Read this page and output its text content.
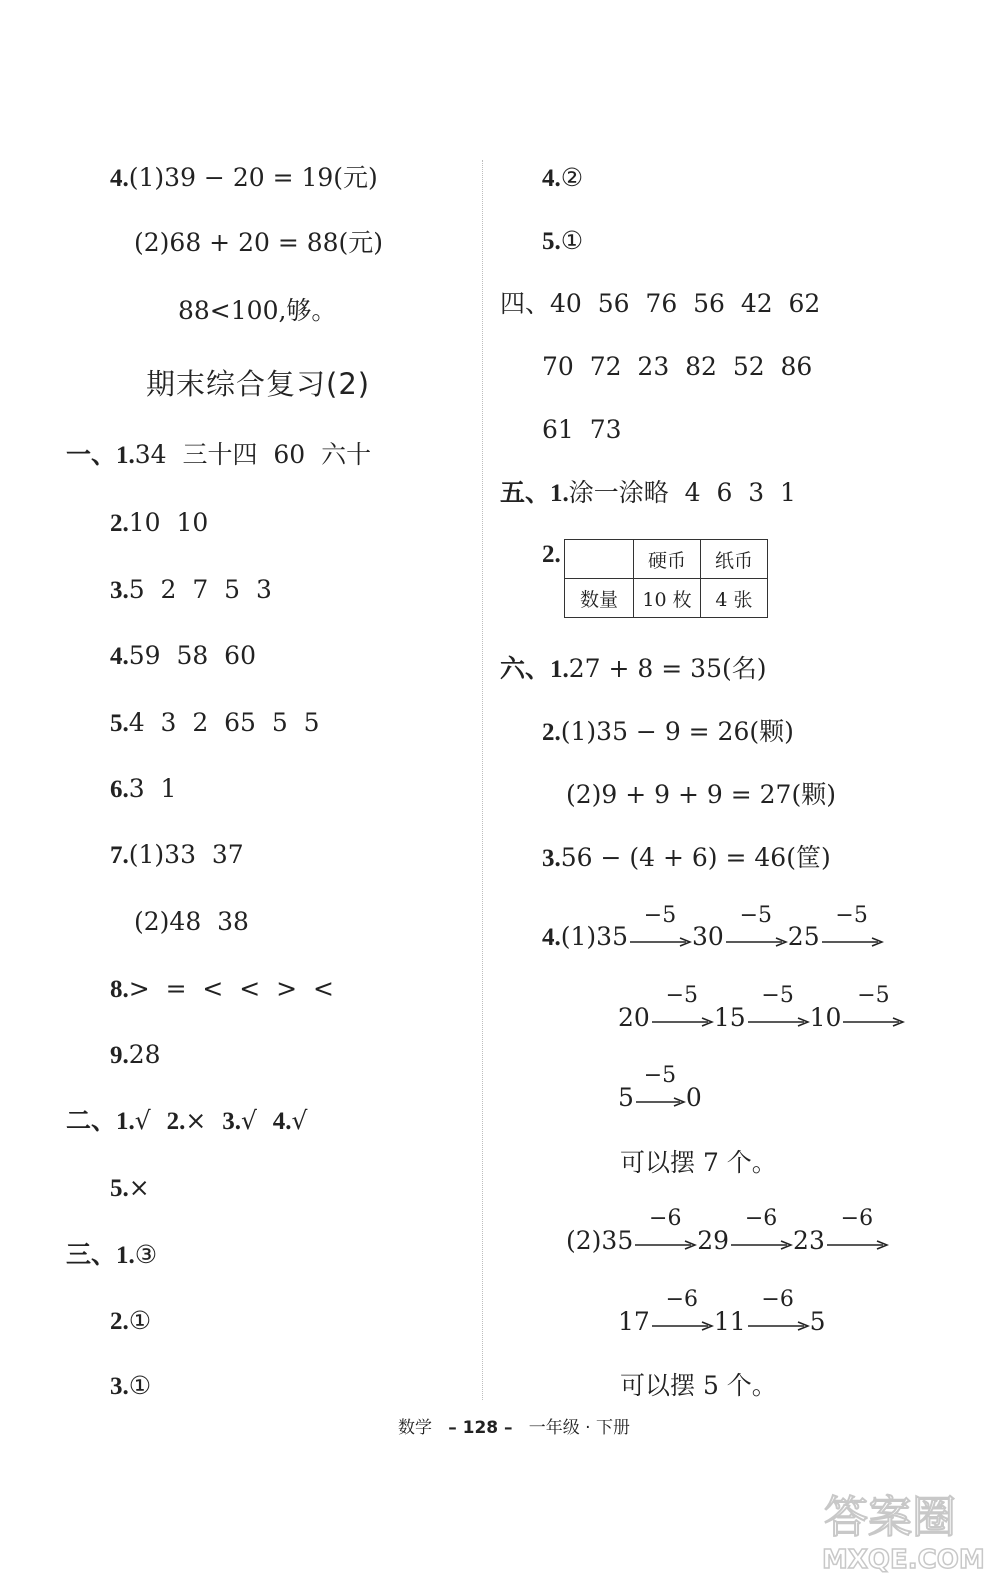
4.(1)39 − 20 = 19(元)
(2)68 + 20 = 88(元)
88<100,够。
期末综合复习(2)
一、1.34  三十四  60  六十
2.10  10
3.5  2  7  5  3
4.59  58  60
5.4  3  2  65  5  5
6.3  1
7.(1)33  37
(2)48  38
8.>  =  <  <  >  <
9.28
二、1.√  2.×  3.√  4.√
5.×
三、1.③
2.①
3.①
4.②
5.①
四、40  56  76  56  42  62
70  72  23  82  52  86
61  73
五、1.涂一涂略  4  6  3  1
2.
		硬币	纸币
数量	10 枚	4 张
六、1.27 + 8 = 35(名)
2.(1)35 − 9 = 26(颗)
(2)9 + 9 + 9 = 27(颗)
3.56 − (4 + 6) = 46(筐)
4.(1)35
−5
30
−5
25
−5
20
−5
15
−5
10
−5
5
−5
0
可以摆 7 个。
(2)35
−6
29
−6
23
−6
17
−6
11
−6
5
可以摆 5 个。
数学 – 128 – 一年级 · 下册
答案圈
MXQE.COM
